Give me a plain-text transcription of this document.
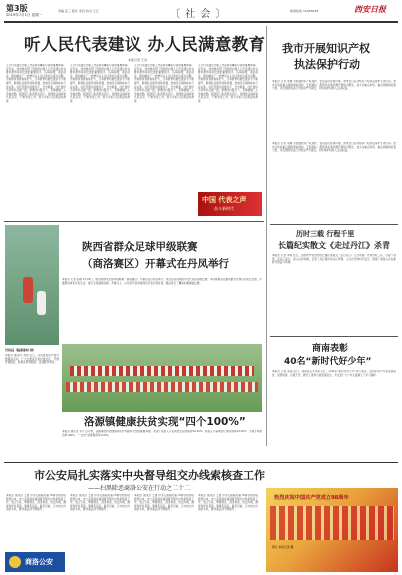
第3版
2019年7月1日 星期一
责编 张三 版式 李四 校对 王五	〔 社 会 〕	新闻热线 12345678	西安日报
听人民代表建议 办人民满意教育
本报记者 王涛
人大代表建议办理工作是政府履职尽责的重要体现。近年来，我市教育部门坚持把办理人大代表建议作为推进教育改革发展的重要抓手，认真梳理、逐条落实，推动解决了一批群众关心关注的热点难点问题。学前教育资源持续扩大，义务教育均衡发展水平不断提升，教师队伍建设持续加强，校园安全保障体系日益完善。在代表建议的推动下，全市新建、改扩建中小学和幼儿园一批，新增学位数万个，有效缓解了入学难问题。教育部门负责同志表示，将继续认真听取代表意见，不断改进工作，努力办好人民满意的教育。
人大代表建议办理工作是政府履职尽责的重要体现。近年来，我市教育部门坚持把办理人大代表建议作为推进教育改革发展的重要抓手，认真梳理、逐条落实，推动解决了一批群众关心关注的热点难点问题。学前教育资源持续扩大，义务教育均衡发展水平不断提升，教师队伍建设持续加强，校园安全保障体系日益完善。在代表建议的推动下，全市新建、改扩建中小学和幼儿园一批，新增学位数万个，有效缓解了入学难问题。教育部门负责同志表示，将继续认真听取代表意见，不断改进工作，努力办好人民满意的教育。
人大代表建议办理工作是政府履职尽责的重要体现。近年来，我市教育部门坚持把办理人大代表建议作为推进教育改革发展的重要抓手，认真梳理、逐条落实，推动解决了一批群众关心关注的热点难点问题。学前教育资源持续扩大，义务教育均衡发展水平不断提升，教师队伍建设持续加强，校园安全保障体系日益完善。在代表建议的推动下，全市新建、改扩建中小学和幼儿园一批，新增学位数万个，有效缓解了入学难问题。教育部门负责同志表示，将继续认真听取代表意见，不断改进工作，努力办好人民满意的教育。
人大代表建议办理工作是政府履职尽责的重要体现。近年来，我市教育部门坚持把办理人大代表建议作为推进教育改革发展的重要抓手，认真梳理、逐条落实，推动解决了一批群众关心关注的热点难点问题。学前教育资源持续扩大，义务教育均衡发展水平不断提升，教师队伍建设持续加强，校园安全保障体系日益完善。在代表建议的推动下，全市新建、改扩建中小学和幼儿园一批，新增学位数万个，有效缓解了入学难问题。教育部门负责同志表示，将继续认真听取代表意见，不断改进工作，努力办好人民满意的教育。
我市开展知识产权
执法保护行动
本报讯 记者 李娜 为加强知识产权保护，营造良好营商环境，我市近日启动知识产权执法保护专项行动。此次行动将重点围绕商标侵权、专利侵权、假冒伪劣等问题开展集中整治，加大对重点市场、重点领域的检查力度，对发现的违法行为依法严厉查处，切实保护权利人合法权益。
本报讯 记者 李娜 为加强知识产权保护，营造良好营商环境，我市近日启动知识产权执法保护专项行动。此次行动将重点围绕商标侵权、专利侵权、假冒伪劣等问题开展集中整治，加大对重点市场、重点领域的检查力度，对发现的违法行为依法严厉查处，切实保护权利人合法权益。
中国 代表之声
奋斗新时代
陕西省群众足球甲级联赛
（商洛赛区）开幕式在丹凤举行
本报讯 记者 张敏 6月29日，陕西省群众足球甲级联赛（商洛赛区）开幕式在丹凤县举行。来自全省各地的多支代表队参加比赛。本次联赛旨在推动群众足球运动普及发展，丰富群众体育文化生活，展示全民健身成果。开幕式上，运动员代表和裁判员代表分别宣誓，随后进行了精彩的揭幕战比赛。
丹凤县（陆家原村 供）
本报讯 通讯员 刘伟 近日，丹凤县组织开展志愿服务活动，广大志愿者走进村组社区，开展环境整治、政策宣传等服务，受到群众欢迎。
历时三载 行程千里
长篇纪实散文《走过丹江》杀青
本报讯 记者 李明 近日，由我市作家创作的长篇纪实散文《走过丹江》正式杀青。作者历时三年，行程千余里，沿丹江而行，深入沿岸村镇，记录了丹江两岸的山川风物、人文历史和时代变迁，展现了商洛人民在新时代的奋斗风貌。
商南表彰
40名“新时代好少年”
本报讯 记者 张丽 近日，商南县召开表彰大会，对40名“新时代好少年”进行表彰。受表彰的少年在爱国爱党、崇德向善、自强不息、勤学上进等方面表现突出，为全县广大少年儿童树立了学习榜样。
洛源镇健康扶贫实现“四个100%”
本报讯 通讯员 李芳 近年来，洛源镇坚持把健康扶贫作为脱贫攻坚的重要举措，实现了贫困人口家庭医生签约服务率100%、贫困人口基本医疗保险参保率100%、大病专项救治率100%、“一站式”结算服务率100%。
市公安局扎实落实中央督导组交办线索核查工作
——扫黑除恶商洛公安在行动之二十二
本报讯 通讯员 王强 中央扫黑除恶第16督导组进驻陕西以来，市公安局高度重视督导组交办线索核查工作，成立专班，明确责任，逐条核查，依法办理，确保件件有着落、事事有回音。截至目前，已办结交办线索多件，群众满意度不断提升。
本报讯 通讯员 王强 中央扫黑除恶第16督导组进驻陕西以来，市公安局高度重视督导组交办线索核查工作，成立专班，明确责任，逐条核查，依法办理，确保件件有着落、事事有回音。截至目前，已办结交办线索多件，群众满意度不断提升。
本报讯 通讯员 王强 中央扫黑除恶第16督导组进驻陕西以来，市公安局高度重视督导组交办线索核查工作，成立专班，明确责任，逐条核查，依法办理，确保件件有着落、事事有回音。截至目前，已办结交办线索多件，群众满意度不断提升。
本报讯 通讯员 王强 中央扫黑除恶第16督导组进驻陕西以来，市公安局高度重视督导组交办线索核查工作，成立专班，明确责任，逐条核查，依法办理，确保件件有着落、事事有回音。截至目前，已办结交办线索多件，群众满意度不断提升。
商洛公安
热烈庆祝中国共产党成立98周年
图片 本报记者 摄
